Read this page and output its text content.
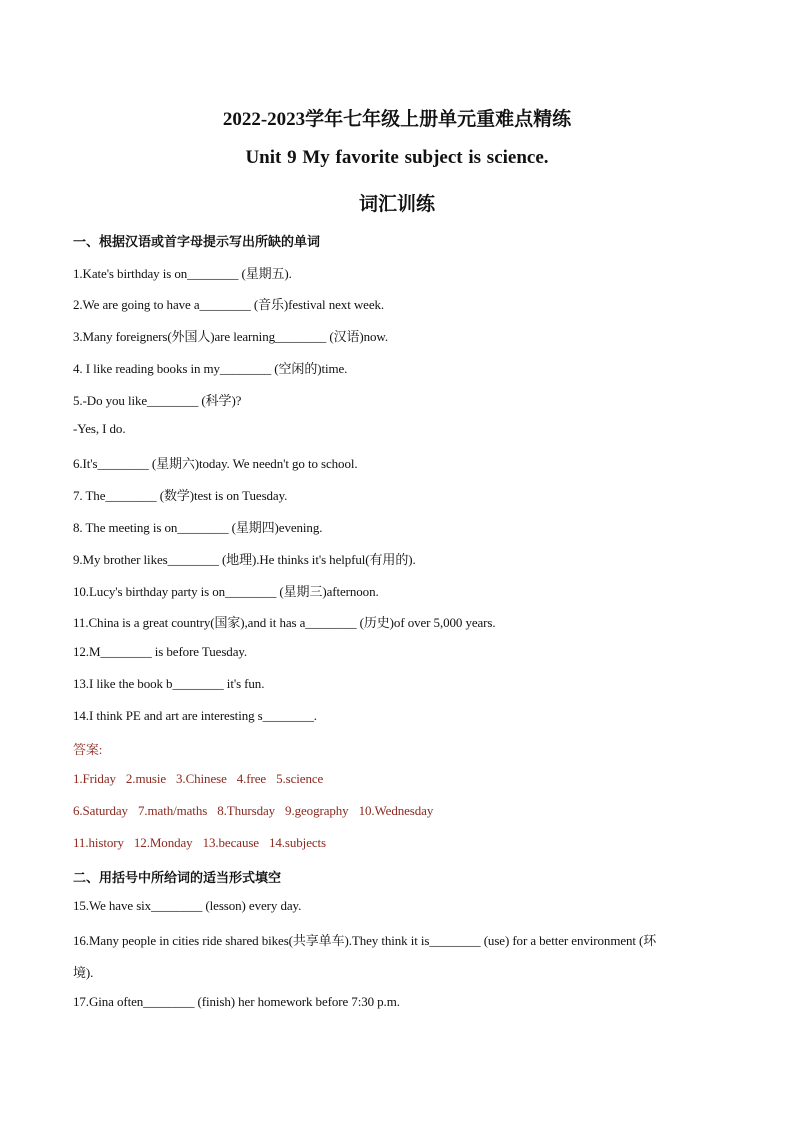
2022-2023学年七年级上册单元重难点精练
Unit 9 My favorite subject is science.
词汇训练
一、根据汉语或首字母提示写出所缺的单词
1.Kate's birthday is on________ (星期五).
2.We are going to have a________ (音乐)festival next week.
3.Many foreigners(外国人)are learning________ (汉语)now.
4. I like reading books in my________ (空闲的)time.
5.-Do you like________ (科学)?
-Yes, I do.
6.It's________ (星期六)today. We needn't go to school.
7. The________ (数学)test is on Tuesday.
8. The meeting is on________ (星期四)evening.
9.My brother likes________ (地理).He thinks it's helpful(有用的).
10.Lucy's birthday party is on________ (星期三)afternoon.
11.China is a great country(国家),and it has a________ (历史)of over 5,000 years.
12.M________ is before Tuesday.
13.I like the book b________ it's fun.
14.I think PE and art are interesting s________.
答案:
1.Friday 2.musie 3.Chinese 4.free 5.science
6.Saturday 7.math/maths 8.Thursday 9.geography 10.Wednesday
11.history 12.Monday 13.because 14.subjects
二、用括号中所给词的适当形式填空
15.We have six________ (lesson) every day.
16.Many people in cities ride shared bikes(共享单车).They think it is________ (use) for a better environment (环
境).
17.Gina often________ (finish) her homework before 7:30 p.m.
